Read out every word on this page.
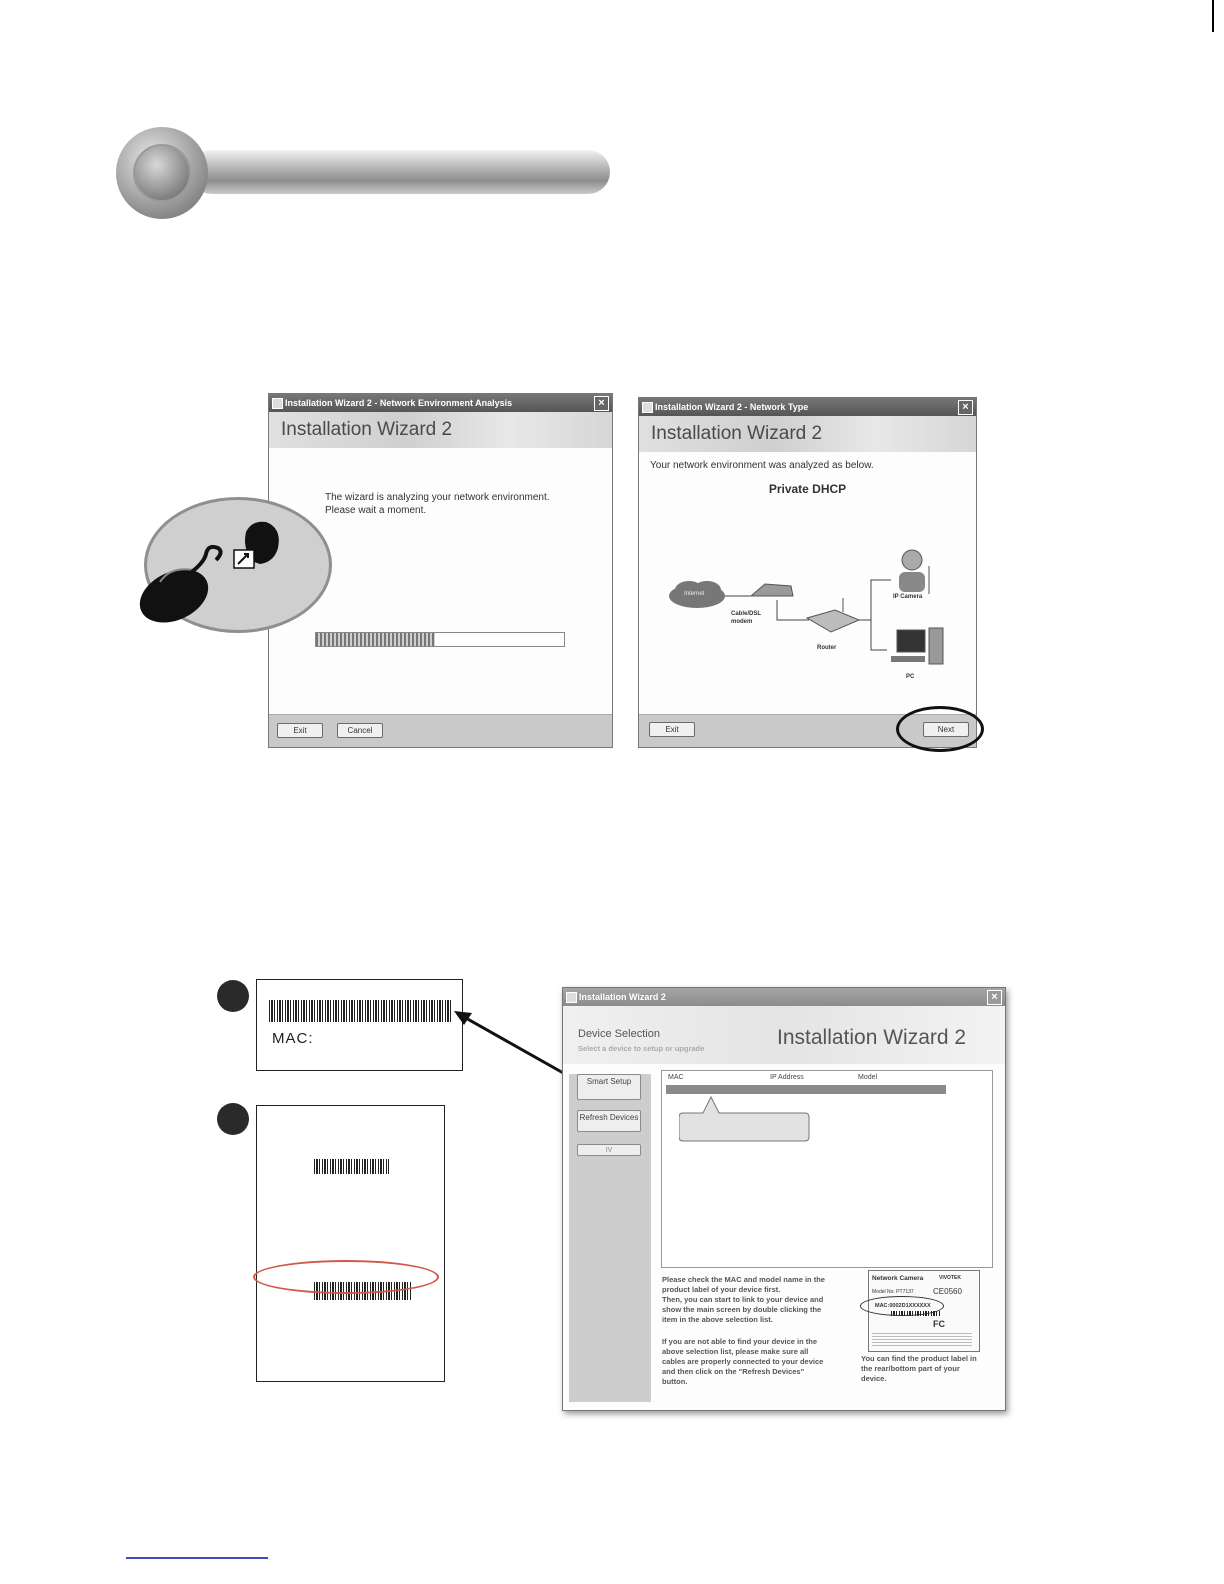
Installation Wizard 2 - Network Environment Analysis	×
Installation Wizard 2
The wizard is analyzing your network environment.
Please wait a moment.
Exit	Cancel
Installation Wizard 2 - Network Type	×
Installation Wizard 2
Your network environment was analyzed as below.
Private DHCP
Internet
Cable/DSL
modem
Router
IP Camera
PC
Exit	Next
MAC:
Installation Wizard 2	×
Device Selection
Select a device to setup or upgrade	Installation Wizard 2
Smart Setup
Refresh Devices
IV
MAC	IP Address	Model
Please check the MAC and model name in the
product label of your device first.
Then, you can start to link to your device and
show the main screen by double clicking the
item in the above selection list.
If you are not able to find your device in the
above selection list, please make sure all
cables are properly connected to your device
and then click on the "Refresh Devices"
button.
Network Camera	VIVOTEK
Model No: PT7137 CE0560
MAC:0002D1XXXXXX
FC
You can find the product label in
the rear/bottom part of your
device.
